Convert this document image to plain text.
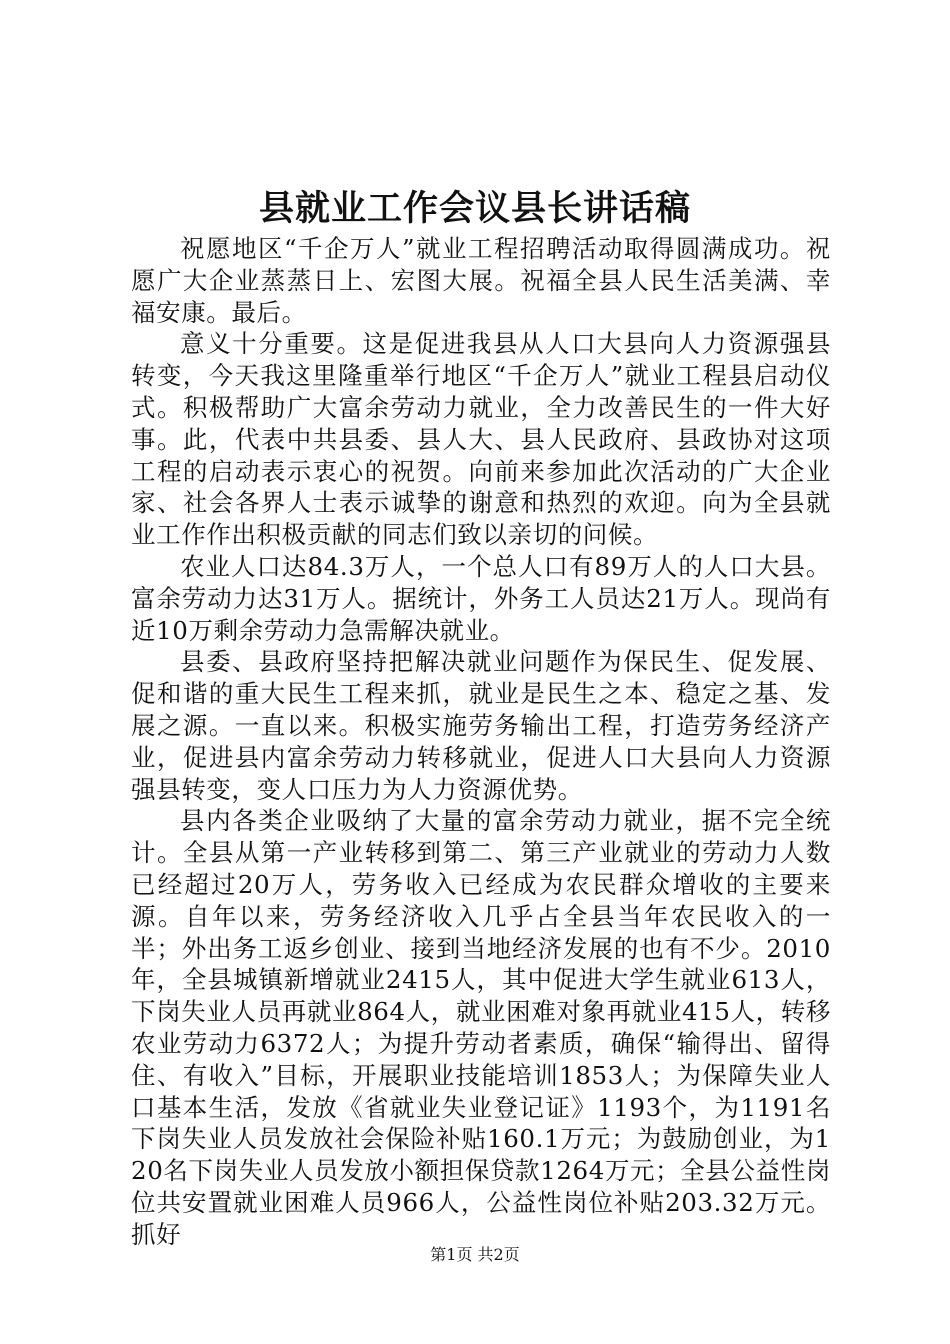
县就业工作会议县长讲话稿

祝愿地区“千企万人”就业工程招聘活动取得圆满成功。祝愿广大企业蒸蒸日上、宏图大展。祝福全县人民生活美满、幸福安康。最后。

意义十分重要。这是促进我县从人口大县向人力资源强县转变，今天我这里隆重举行地区“千企万人”就业工程县启动仪式。积极帮助广大富余劳动力就业，全力改善民生的一件大好事。此，代表中共县委、县人大、县人民政府、县政协对这项工程的启动表示衷心的祝贺。向前来参加此次活动的广大企业家、社会各界人士表示诚挚的谢意和热烈的欢迎。向为全县就业工作作出积极贡献的同志们致以亲切的问候。

农业人口达84.3万人，一个总人口有89万人的人口大县。富余劳动力达31万人。据统计，外务工人员达21万人。现尚有近10万剩余劳动力急需解决就业。

县委、县政府坚持把解决就业问题作为保民生、促发展、促和谐的重大民生工程来抓，就业是民生之本、稳定之基、发展之源。一直以来。积极实施劳务输出工程，打造劳务经济产业，促进县内富余劳动力转移就业，促进人口大县向人力资源强县转变，变人口压力为人力资源优势。

县内各类企业吸纳了大量的富余劳动力就业，据不完全统计。全县从第一产业转移到第二、第三产业就业的劳动力人数已经超过20万人，劳务收入已经成为农民群众增收的主要来源。自年以来，劳务经济收入几乎占全县当年农民收入的一半；外出务工返乡创业、接到当地经济发展的也有不少。2010年，全县城镇新增就业2415人，其中促进大学生就业613人，下岗失业人员再就业864人，就业困难对象再就业415人，转移农业劳动力6372人；为提升劳动者素质，确保“输得出、留得住、有收入”目标，开展职业技能培训1853人；为保障失业人口基本生活，发放《省就业失业登记证》1193个，为1191名下岗失业人员发放社会保险补贴160.1万元；为鼓励创业，为120名下岗失业人员发放小额担保贷款1264万元；全县公益性岗位共安置就业困难人员966人，公益性岗位补贴203.32万元。抓好

第1页 共2页
